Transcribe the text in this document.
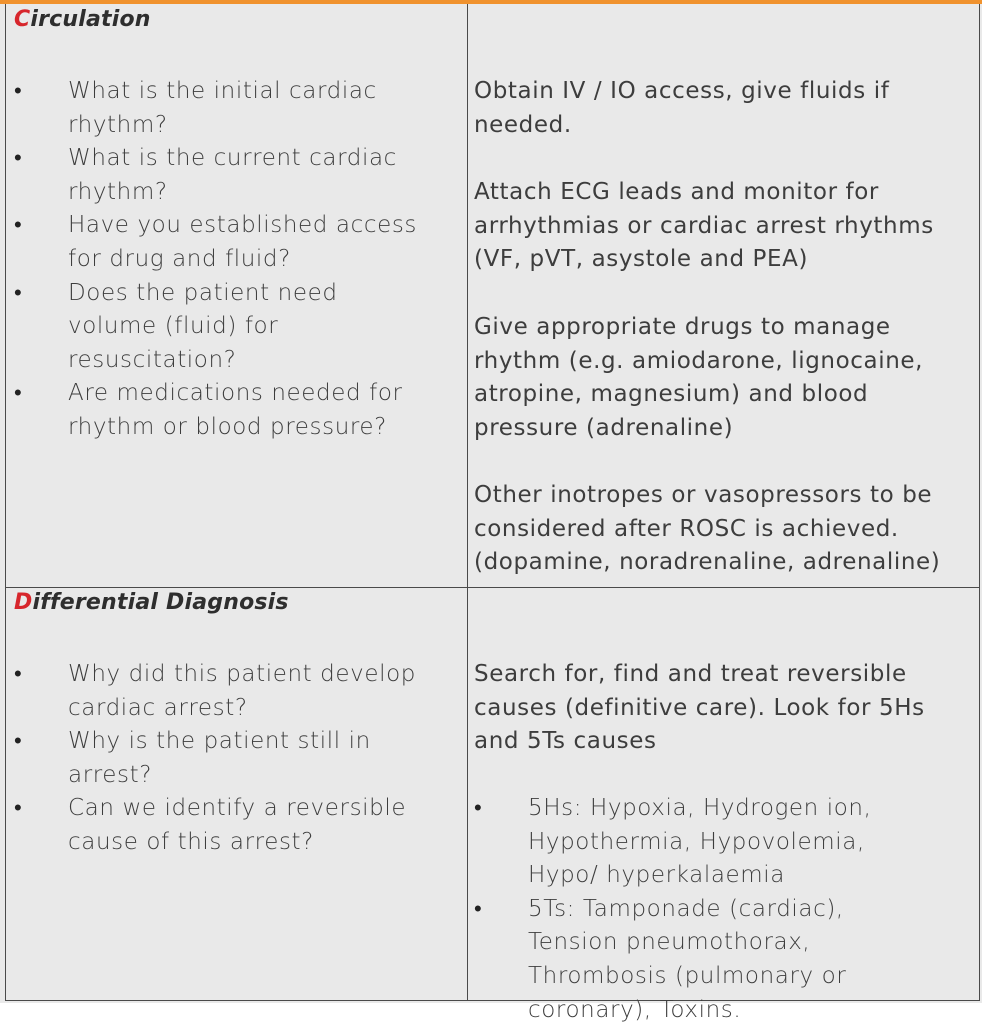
Circulation
• What is the initial cardiac rhythm?
• What is the current cardiac rhythm?
• Have you established access for drug and fluid?
• Does the patient need volume (fluid) for resuscitation?
• Are medications needed for rhythm or blood pressure?

Obtain IV / IO access, give fluids if needed.

Attach ECG leads and monitor for arrhythmias or cardiac arrest rhythms (VF, pVT, asystole and PEA)

Give appropriate drugs to manage rhythm (e.g. amiodarone, lignocaine, atropine, magnesium) and blood pressure (adrenaline)

Other inotropes or vasopressors to be considered after ROSC is achieved. (dopamine, noradrenaline, adrenaline)

Differential Diagnosis
• Why did this patient develop cardiac arrest?
• Why is the patient still in arrest?
• Can we identify a reversible cause of this arrest?

Search for, find and treat reversible causes (definitive care). Look for 5Hs and 5Ts causes

• 5Hs: Hypoxia, Hydrogen ion, Hypothermia, Hypovolemia, Hypo/ hyperkalaemia
• 5Ts: Tamponade (cardiac), Tension pneumothorax, Thrombosis (pulmonary or coronary), Toxins.
